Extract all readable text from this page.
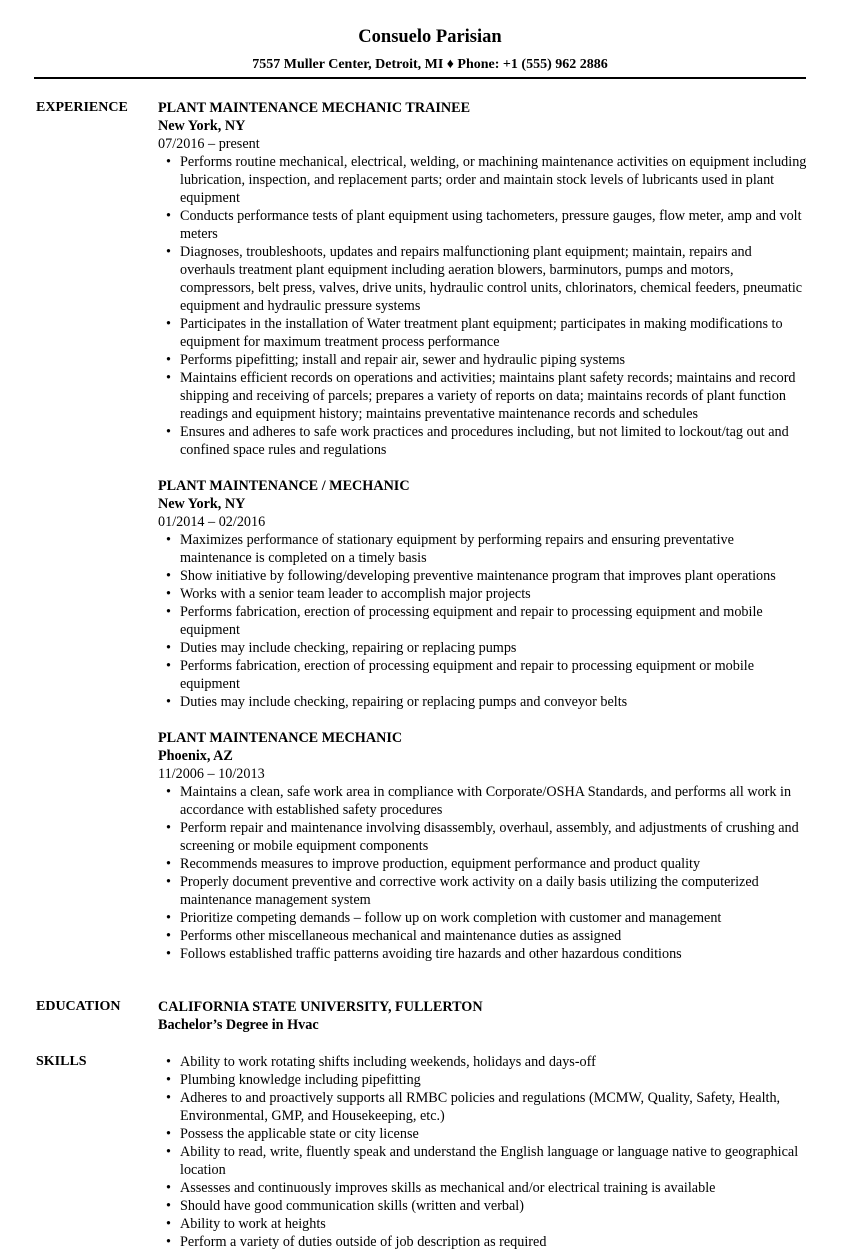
Consuelo Parisian
7557 Muller Center, Detroit, MI ♦ Phone: +1 (555) 962 2886
EXPERIENCE	PLANT MAINTENANCE MECHANIC TRAINEE
New York, NY
07/2016 – present
• Performs routine mechanical, electrical, welding, or machining maintenance activities on equipment including lubrication, inspection, and replacement parts; order and maintain stock levels of lubricants used in plant equipment
• Conducts performance tests of plant equipment using tachometers, pressure gauges, flow meter, amp and volt meters
• Diagnoses, troubleshoots, updates and repairs malfunctioning plant equipment; maintain, repairs and overhauls treatment plant equipment including aeration blowers, barminutors, pumps and motors, compressors, belt press, valves, drive units, hydraulic control units, chlorinators, chemical feeders, pneumatic equipment and hydraulic pressure systems
• Participates in the installation of Water treatment plant equipment; participates in making modifications to equipment for maximum treatment process performance
• Performs pipefitting; install and repair air, sewer and hydraulic piping systems
• Maintains efficient records on operations and activities; maintains plant safety records; maintains and record shipping and receiving of parcels; prepares a variety of reports on data; maintains records of plant function readings and equipment history; maintains preventative maintenance records and schedules
• Ensures and adheres to safe work practices and procedures including, but not limited to lockout/tag out and confined space rules and regulations
PLANT MAINTENANCE / MECHANIC
New York, NY
01/2014 – 02/2016
• Maximizes performance of stationary equipment by performing repairs and ensuring preventative maintenance is completed on a timely basis
• Show initiative by following/developing preventive maintenance program that improves plant operations
• Works with a senior team leader to accomplish major projects
• Performs fabrication, erection of processing equipment and repair to processing equipment and mobile equipment
• Duties may include checking, repairing or replacing pumps
• Performs fabrication, erection of processing equipment and repair to processing equipment or mobile equipment
• Duties may include checking, repairing or replacing pumps and conveyor belts
PLANT MAINTENANCE MECHANIC
Phoenix, AZ
11/2006 – 10/2013
• Maintains a clean, safe work area in compliance with Corporate/OSHA Standards, and performs all work in accordance with established safety procedures
• Perform repair and maintenance involving disassembly, overhaul, assembly, and adjustments of crushing and screening or mobile equipment components
• Recommends measures to improve production, equipment performance and product quality
• Properly document preventive and corrective work activity on a daily basis utilizing the computerized maintenance management system
• Prioritize competing demands – follow up on work completion with customer and management
• Performs other miscellaneous mechanical and maintenance duties as assigned
• Follows established traffic patterns avoiding tire hazards and other hazardous conditions
EDUCATION	CALIFORNIA STATE UNIVERSITY, FULLERTON
Bachelor’s Degree in Hvac
SKILLS	• Ability to work rotating shifts including weekends, holidays and days-off
• Plumbing knowledge including pipefitting
• Adheres to and proactively supports all RMBC policies and regulations (MCMW, Quality, Safety, Health, Environmental, GMP, and Housekeeping, etc.)
• Possess the applicable state or city license
• Ability to read, write, fluently speak and understand the English language or language native to geographical location
• Assesses and continuously improves skills as mechanical and/or electrical training is available
• Should have good communication skills (written and verbal)
• Ability to work at heights
• Perform a variety of duties outside of job description as required
